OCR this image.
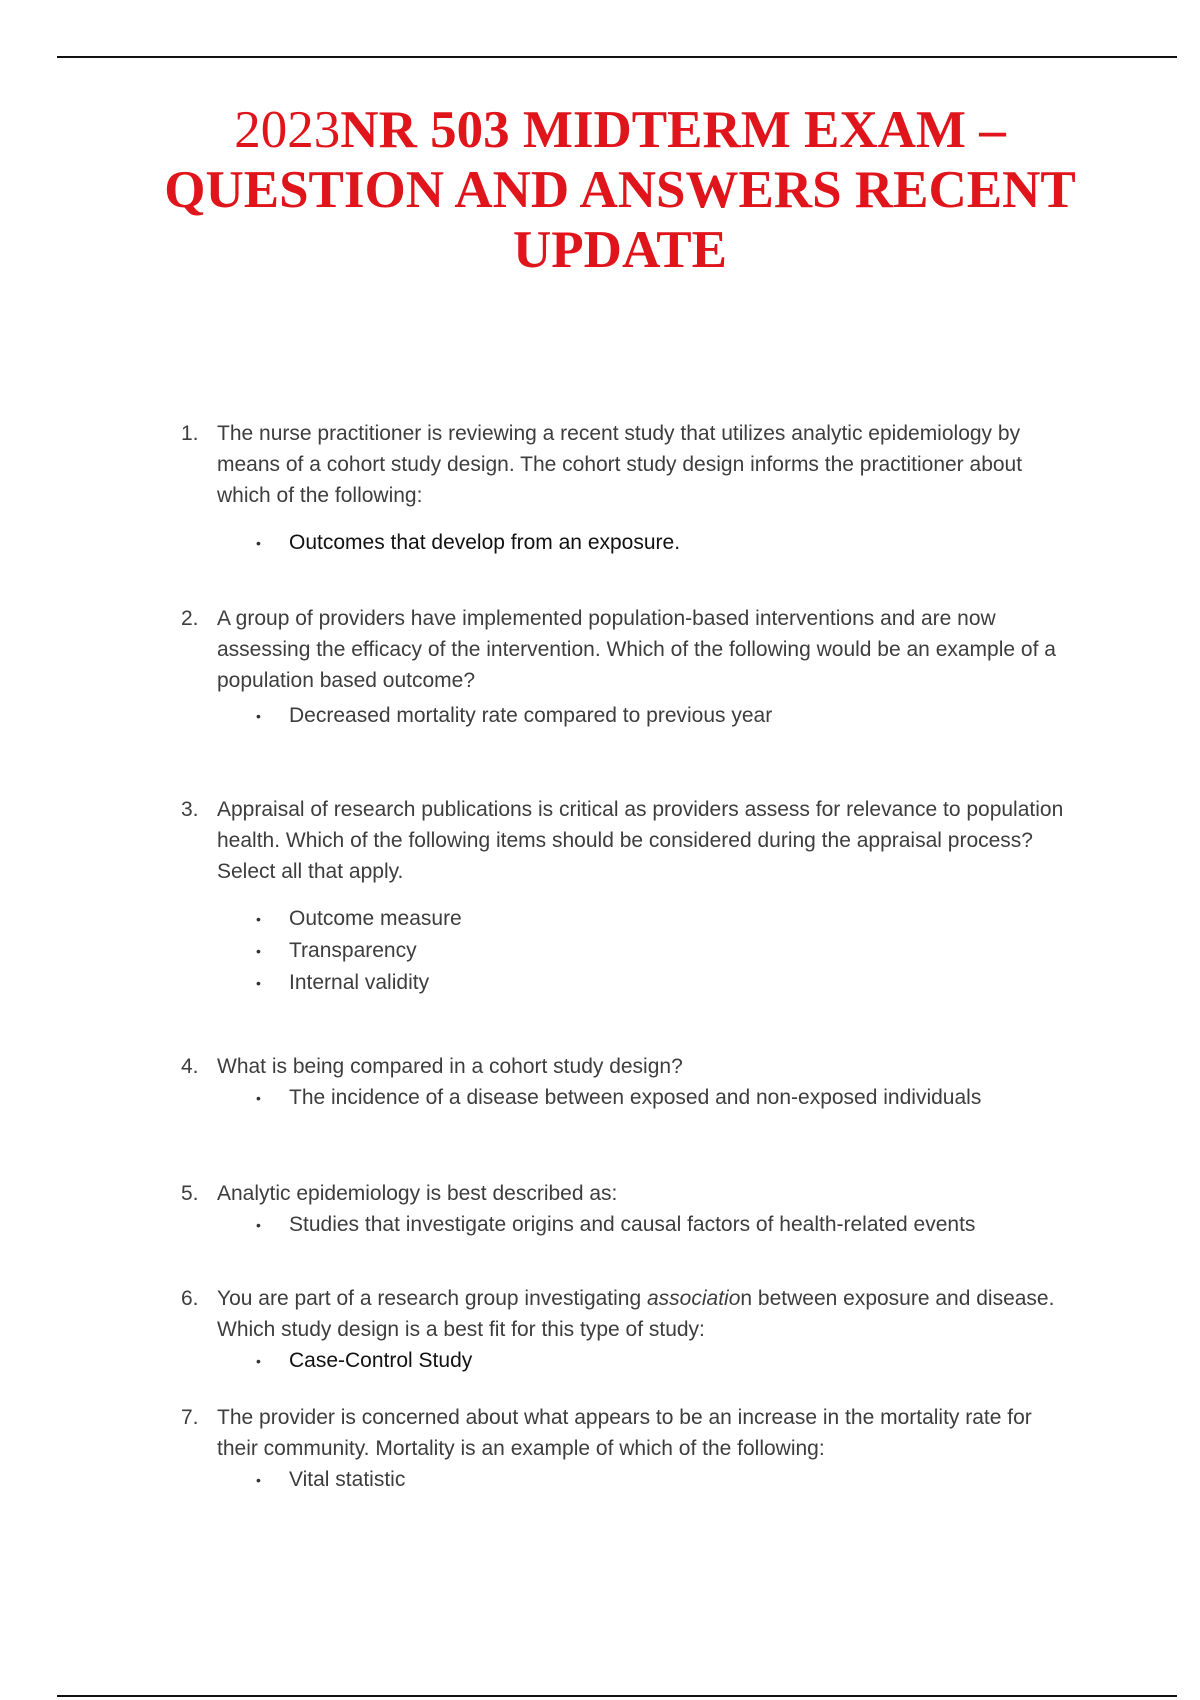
2023NR 503 MIDTERM EXAM –
QUESTION AND ANSWERS RECENT
UPDATE
1. The nurse practitioner is reviewing a recent study that utilizes analytic epidemiology by means of a cohort study design. The cohort study design informs the practitioner about which of the following:
• Outcomes that develop from an exposure.
2. A group of providers have implemented population-based interventions and are now assessing the efficacy of the intervention. Which of the following would be an example of a population based outcome?
• Decreased mortality rate compared to previous year
3. Appraisal of research publications is critical as providers assess for relevance to population health. Which of the following items should be considered during the appraisal process? Select all that apply.
• Outcome measure
• Transparency
• Internal validity
4. What is being compared in a cohort study design?
• The incidence of a disease between exposed and non-exposed individuals
5. Analytic epidemiology is best described as:
• Studies that investigate origins and causal factors of health-related events
6. You are part of a research group investigating association between exposure and disease. Which study design is a best fit for this type of study:
• Case-Control Study
7. The provider is concerned about what appears to be an increase in the mortality rate for their community. Mortality is an example of which of the following:
• Vital statistic
